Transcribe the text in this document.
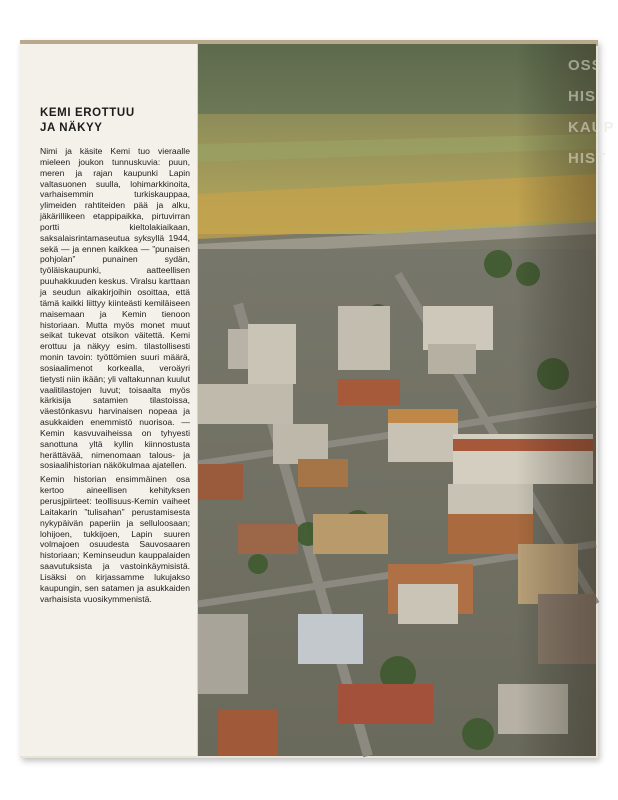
KEMI EROTTUU
JA NÄKYY

Nimi ja käsite Kemi tuo vieraalle mieleen joukon tunnuskuvia: puun, meren ja rajan kaupunki Lapin valtasuonen suulla, lohimarkkinoita, varhaisemmin turkiskauppaa, ylimeiden rahtiteiden pää ja alku, jäkärillikeen etappipaikka, pirtuvirran portti kieltolakiaikaan, saksalaisrintamaseutua syksyllä 1944, sekä — ja ennen kaikkea — ”punaisen pohjolan” punainen sydän, työläiskaupunki, aatteellisen puuhakkuuden keskus. Viralsu karttaan ja seudun aikakirjoihin osoittaa, että tämä kaikki liittyy kiinteästi kemiläiseen maisemaan ja Kemin tienoon historiaan. Mutta myös monet muut seikat tukevat otsikon väitettä. Kemi erottuu ja näkyy esim. tilastollisesti monin tavoin: työttömien suuri määrä, sosiaalimenot korkealla, veroäyri tietysti niin ikään; yli valtakunnan kuulut vaalitilastojen luvut; toisaalta myös kärkisija satamien tilastoissa, väestönkasvu harvinaisen nopeaa ja asukkaiden enemmistö nuorisoa. — Kemin kasvuvaiheissa on tyhyesti sanottuna yltä kyllin kiinnostusta herättävää, nimenomaan talous- ja sosiaalihistorian näkökulmaa ajatellen.

Kemin historian ensimmäinen osa kertoo aineellisen kehityksen perusjpiirteet: teollisuus-Kemin vaiheet Laitakarin ”tulisahan” perustamisesta nykypäivän paperiin ja selluloosaan; lohijoen, tukkijoen, Lapin suuren volmajoen osuudesta Sauvosaaren historiaan; Keminseudun kauppalaiden saavutuksista ja vastoinkäymisistä. Lisäksi on kirjassamme lukujakso kaupungin, sen satamen ja asukkaiden varhaisista vuosikymmenistä.

OSS
HIS
KAUP
HIST
